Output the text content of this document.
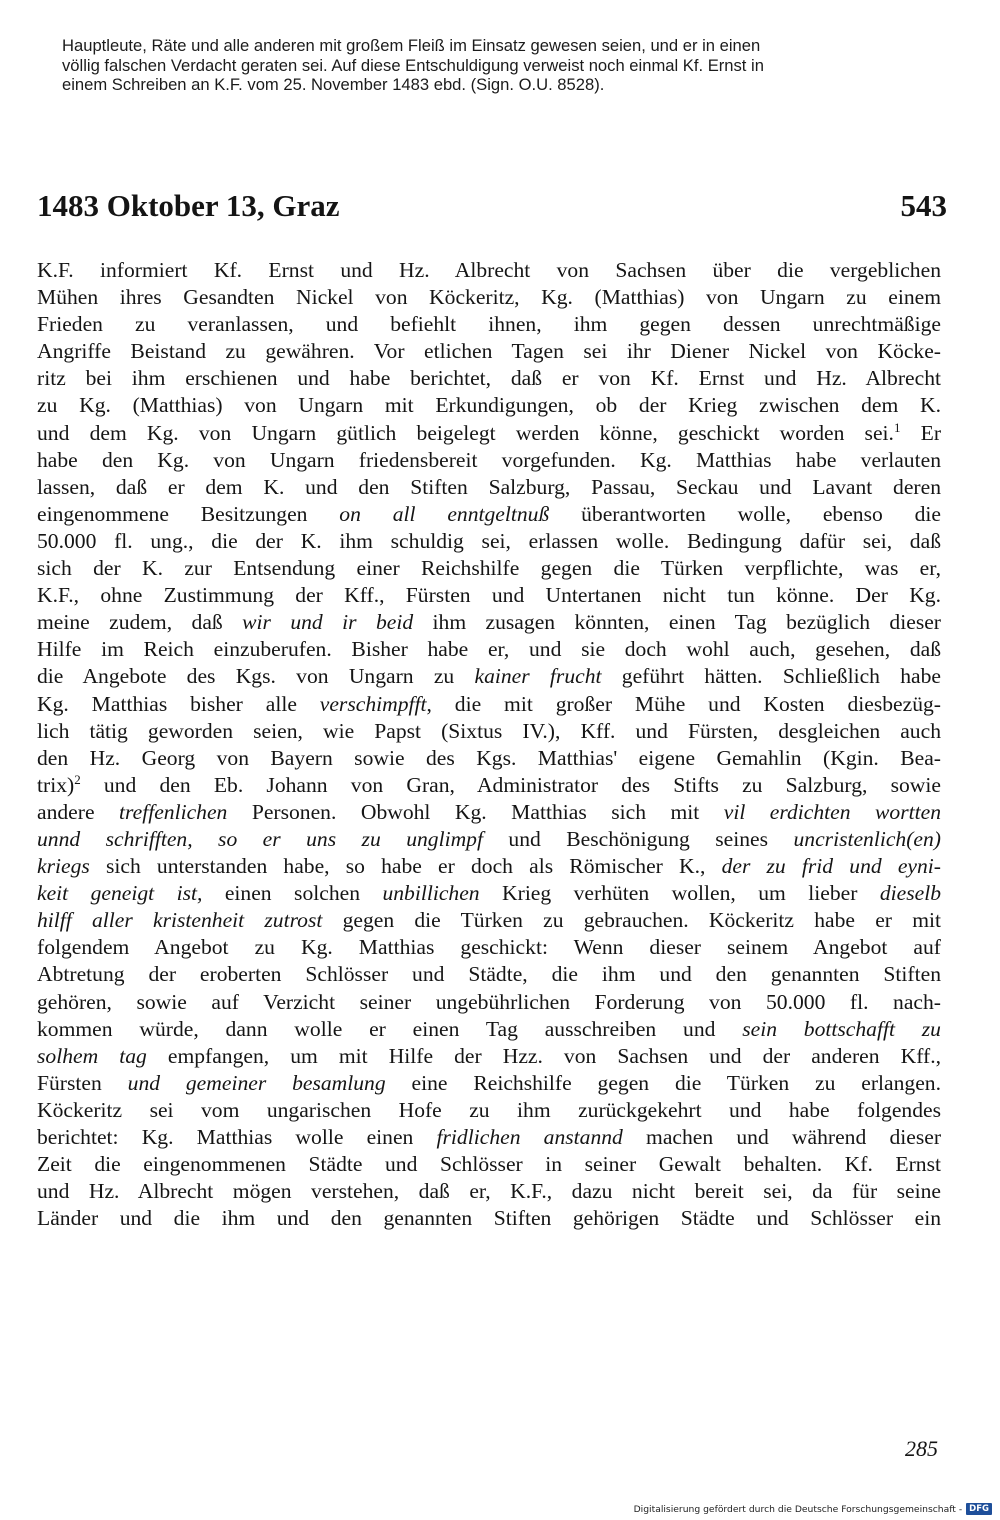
Hauptleute, Räte und alle anderen mit großem Fleiß im Einsatz gewesen seien, und er in einen
völlig falschen Verdacht geraten sei. Auf diese Entschuldigung verweist noch einmal Kf. Ernst in
einem Schreiben an K.F. vom 25. November 1483 ebd. (Sign. O.U. 8528).
1483 Oktober 13, Graz	543
K.F. informiert Kf. Ernst und Hz. Albrecht von Sachsen über die vergeblichen
Mühen ihres Gesandten Nickel von Köckeritz, Kg. (Matthias) von Ungarn zu einem
Frieden zu veranlassen, und befiehlt ihnen, ihm gegen dessen unrechtmäßige
Angriffe Beistand zu gewähren. Vor etlichen Tagen sei ihr Diener Nickel von Köcke-
ritz bei ihm erschienen und habe berichtet, daß er von Kf. Ernst und Hz. Albrecht
zu Kg. (Matthias) von Ungarn mit Erkundigungen, ob der Krieg zwischen dem K.
und dem Kg. von Ungarn gütlich beigelegt werden könne, geschickt worden sei.$^1$ Er
habe den Kg. von Ungarn friedensbereit vorgefunden. Kg. Matthias habe verlauten
lassen, daß er dem K. und den Stiften Salzburg, Passau, Seckau und Lavant deren
eingenommene Besitzungen on all enntgeltnuß überantworten wolle, ebenso die
50.000 fl. ung., die der K. ihm schuldig sei, erlassen wolle. Bedingung dafür sei, daß
sich der K. zur Entsendung einer Reichshilfe gegen die Türken verpflichte, was er,
K.F., ohne Zustimmung der Kff., Fürsten und Untertanen nicht tun könne. Der Kg.
meine zudem, daß wir und ir beid ihm zusagen könnten, einen Tag bezüglich dieser
Hilfe im Reich einzuberufen. Bisher habe er, und sie doch wohl auch, gesehen, daß
die Angebote des Kgs. von Ungarn zu kainer frucht geführt hätten. Schließlich habe
Kg. Matthias bisher alle verschimpfft, die mit großer Mühe und Kosten diesbezüg-
lich tätig geworden seien, wie Papst (Sixtus IV.), Kff. und Fürsten, desgleichen auch
den Hz. Georg von Bayern sowie des Kgs. Matthias' eigene Gemahlin (Kgin. Bea-
trix)$^2$ und den Eb. Johann von Gran, Administrator des Stifts zu Salzburg, sowie
andere treffenlichen Personen. Obwohl Kg. Matthias sich mit vil erdichten wortten
unnd schrifften, so er uns zu unglimpf und Beschönigung seines uncristenlich(en)
kriegs sich unterstanden habe, so habe er doch als Römischer K., der zu frid und eyni-
keit geneigt ist, einen solchen unbillichen Krieg verhüten wollen, um lieber dieselb
hilff aller kristenheit zutrost gegen die Türken zu gebrauchen. Köckeritz habe er mit
folgendem Angebot zu Kg. Matthias geschickt: Wenn dieser seinem Angebot auf
Abtretung der eroberten Schlösser und Städte, die ihm und den genannten Stiften
gehören, sowie auf Verzicht seiner ungebührlichen Forderung von 50.000 fl. nach-
kommen würde, dann wolle er einen Tag ausschreiben und sein bottschafft zu
solhem tag empfangen, um mit Hilfe der Hzz. von Sachsen und der anderen Kff.,
Fürsten und gemeiner besamlung eine Reichshilfe gegen die Türken zu erlangen.
Köckeritz sei vom ungarischen Hofe zu ihm zurückgekehrt und habe folgendes
berichtet: Kg. Matthias wolle einen fridlichen anstannd machen und während dieser
Zeit die eingenommenen Städte und Schlösser in seiner Gewalt behalten. Kf. Ernst
und Hz. Albrecht mögen verstehen, daß er, K.F., dazu nicht bereit sei, da für seine
Länder und die ihm und den genannten Stiften gehörigen Städte und Schlösser ein
285
Digitalisierung gefördert durch die Deutsche Forschungsgemeinschaft - DFG
